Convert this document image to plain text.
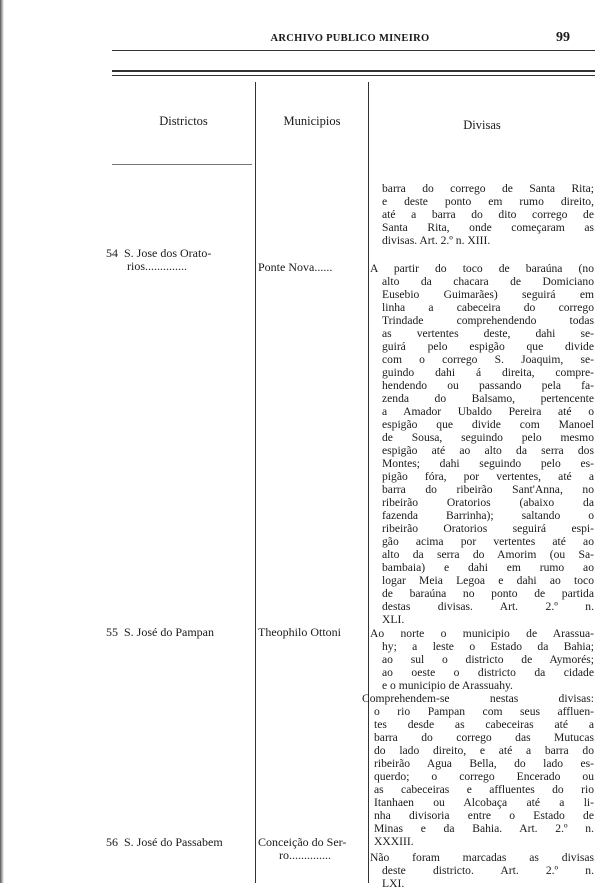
ARCHIVO PUBLICO MINEIRO	99
Districtos	Municipios	Divisas
barra do corrego de Santa Rita;
e deste ponto em rumo direito,
até a barra do dito corrego de
Santa Rita, onde começaram as
divisas. Art. 2.º n. XIII.
54  S. Jose dos Orato-
rios..............	Ponte Nova......	A partir do toco de baraúna (no
alto da chacara de Domiciano
Eusebio Guimarães) seguirá em
linha a cabeceira do corrego
Trindade comprehendendo todas
as vertentes deste, dahi se-
guirá pelo espigão que divide
com o corrego S. Joaquim, se-
guindo dahi á direita, compre-
hendendo ou passando pela fa-
zenda do Balsamo, pertencente
a Amador Ubaldo Pereira até o
espigão que divide com Manoel
de Sousa, seguindo pelo mesmo
espigão até ao alto da serra dos
Montes; dahi seguindo pelo es-
pigão fóra, por vertentes, até a
barra do ribeirão Sant'Anna, no
ribeirão Oratorios (abaixo da
fazenda Barrinha); saltando o
ribeirão Oratorios seguirá espi-
gão acima por vertentes até ao
alto da serra do Amorim (ou Sa-
bambaia) e dahi em rumo ao
logar Meia Legoa e dahi ao toco
de baraúna no ponto de partida
destas divisas. Art. 2.º n.
XLI.
55  S. José do Pampan	Theophilo Ottoni	Ao norte o municipio de Arassua-
hy; a leste o Estado da Bahia;
ao sul o districto de Aymorés;
ao oeste o districto da cidade
e o municipio de Arassuahy.
Comprehendem-se nestas divisas:
o rio Pampan com seus affluen-
tes desde as cabeceiras até a
barra do corrego das Mutucas
do lado direito, e até a barra do
ribeirão Agua Bella, do lado es-
querdo; o corrego Encerado ou
as cabeceiras e affluentes do rio
Itanhaen ou Alcobaça até a li-
nha divisoria entre o Estado de
Minas e da Bahia. Art. 2.º n.
XXXIII.
56  S. José do Passabem	Conceição do Ser-
ro..............	Não foram marcadas as divisas
deste districto. Art. 2.º n.
LXI.
